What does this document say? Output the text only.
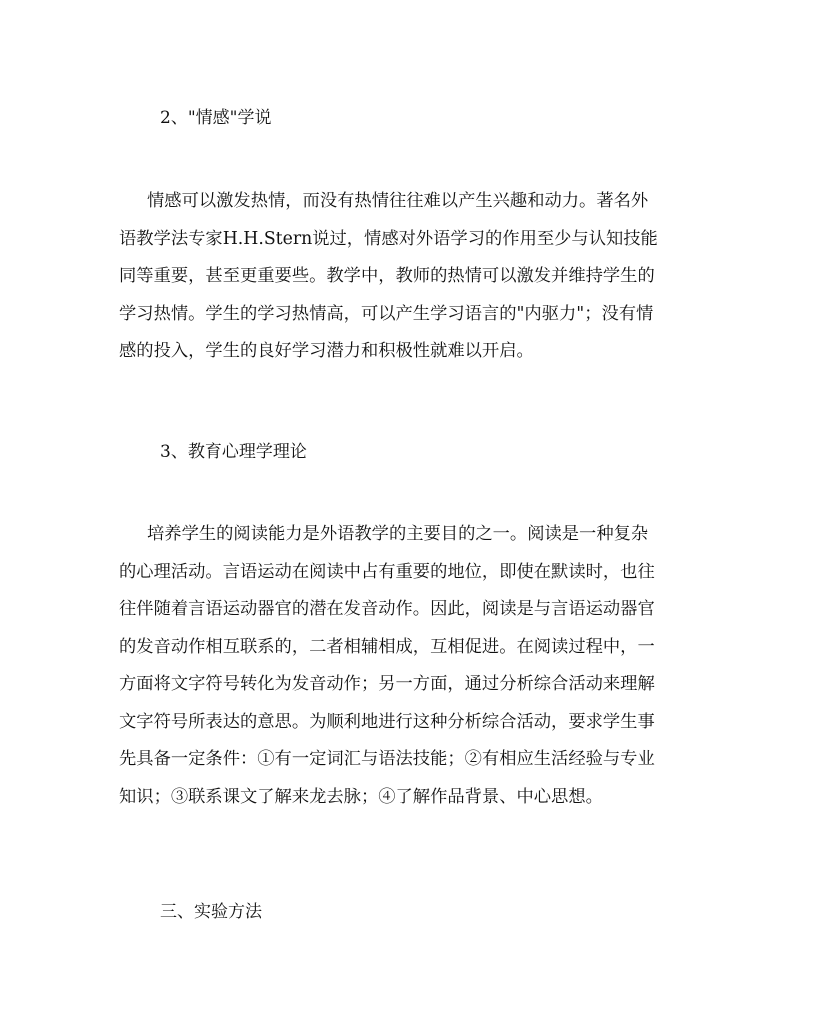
2、"情感"学说
情感可以激发热情，而没有热情往往难以产生兴趣和动力。著名外
语教学法专家H.H.Stern说过，情感对外语学习的作用至少与认知技能
同等重要，甚至更重要些。教学中，教师的热情可以激发并维持学生的
学习热情。学生的学习热情高，可以产生学习语言的"内驱力"；没有情
感的投入，学生的良好学习潜力和积极性就难以开启。
3、教育心理学理论
培养学生的阅读能力是外语教学的主要目的之一。阅读是一种复杂
的心理活动。言语运动在阅读中占有重要的地位，即使在默读时，也往
往伴随着言语运动器官的潜在发音动作。因此，阅读是与言语运动器官
的发音动作相互联系的，二者相辅相成，互相促进。在阅读过程中，一
方面将文字符号转化为发音动作；另一方面，通过分析综合活动来理解
文字符号所表达的意思。为顺利地进行这种分析综合活动，要求学生事
先具备一定条件：①有一定词汇与语法技能；②有相应生活经验与专业
知识；③联系课文了解来龙去脉；④了解作品背景、中心思想。
三、实验方法
